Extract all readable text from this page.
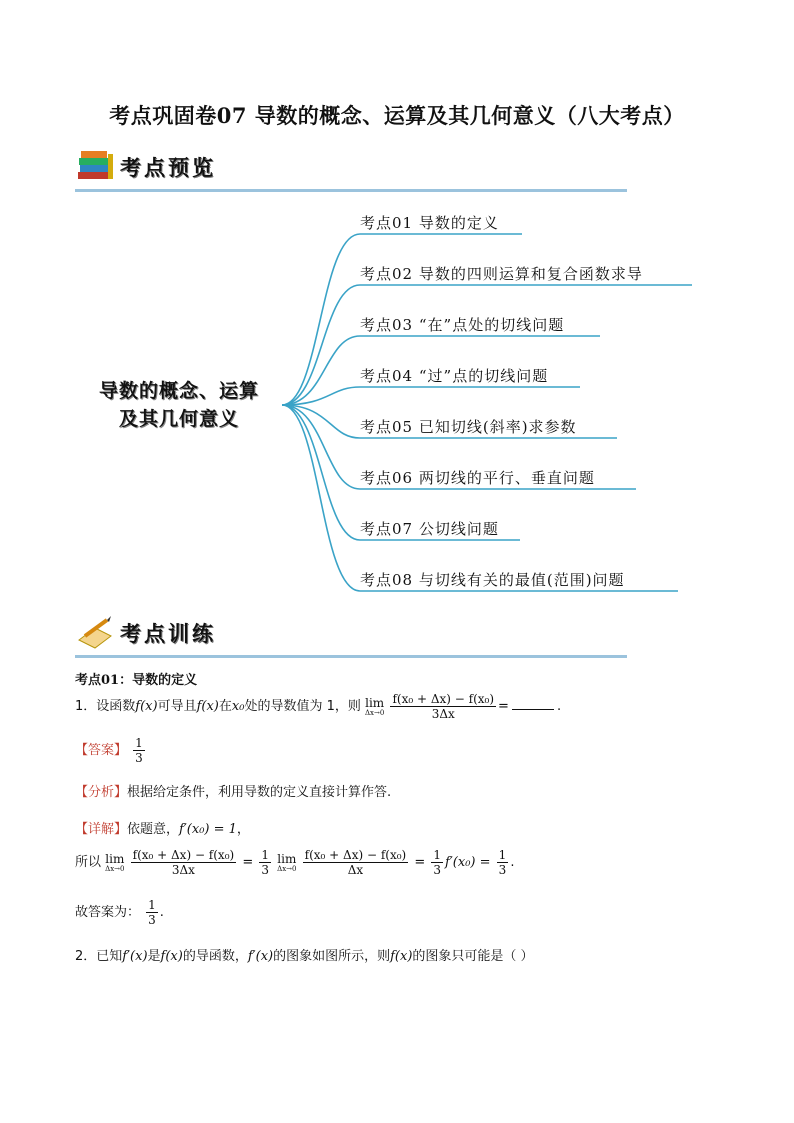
考点巩固卷07 导数的概念、运算及其几何意义（八大考点）
考点预览
导数的概念、运算
及其几何意义
考点01 导数的定义
考点02 导数的四则运算和复合函数求导
考点03 “在”点处的切线问题
考点04 “过”点的切线问题
考点05 已知切线(斜率)求参数
考点06 两切线的平行、垂直问题
考点07 公切线问题
考点08 与切线有关的最值(范围)问题
考点训练
考点01：导数的定义
1．设函数f(x)可导且f(x)在x₀处的导数值为 1，则 lim
Δx→0
$\frac{\text{f(x₀ + Δx) − f(x₀)}}{3\Delta x}$ =	.
【答案】 $\frac{1}{3}$
【分析】根据给定条件，利用导数的定义直接计算作答.
【详解】依题意，f′(x₀) = 1，
所以 lim
Δx→0
$\frac{\text{f(x₀ + Δx) − f(x₀)}}{3\Delta x} = \frac{1}{3}$
lim
Δx→0
$\frac{\text{f(x₀ + Δx) − f(x₀)}}{\Delta x} = \frac{1}{3} f'(x_0) = \frac{1}{3}$ .
故答案为： $\frac{1}{3}$ .
2．已知f′(x)是f(x)的导函数，f′(x)的图象如图所示，则f(x)的图象只可能是（ ）
